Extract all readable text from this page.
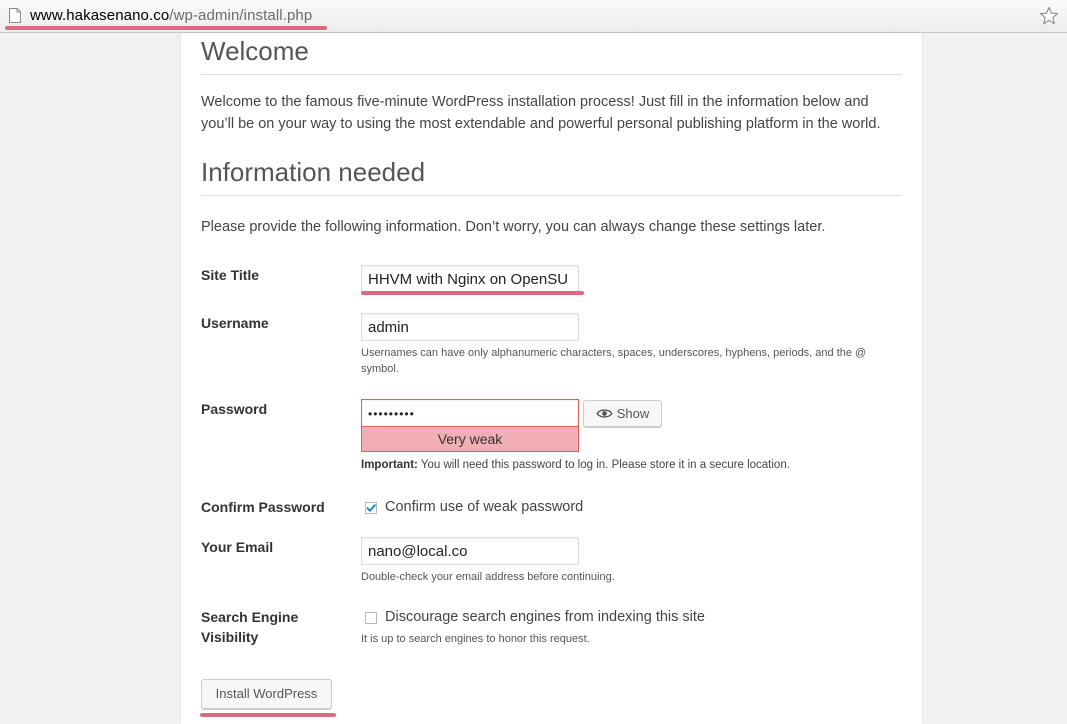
www.hakasenano.co/wp-admin/install.php
Welcome
Welcome to the famous five-minute WordPress installation process! Just fill in the information below and you’ll be on your way to using the most extendable and powerful personal publishing platform in the world.
Information needed
Please provide the following information. Don’t worry, you can always change these settings later.
Site Title	HHVM with Nginx on OpenSU
Username	admin
Usernames can have only alphanumeric characters, spaces, underscores, hyphens, periods, and the @ symbol.
Password	•••••••••
Very weak
Show
Important: You will need this password to log in. Please store it in a secure location.
Confirm Password	Confirm use of weak password
Your Email	nano@local.co
Double-check your email address before continuing.
Search Engine
Visibility
Discourage search engines from indexing this site
It is up to search engines to honor this request.
Install WordPress
